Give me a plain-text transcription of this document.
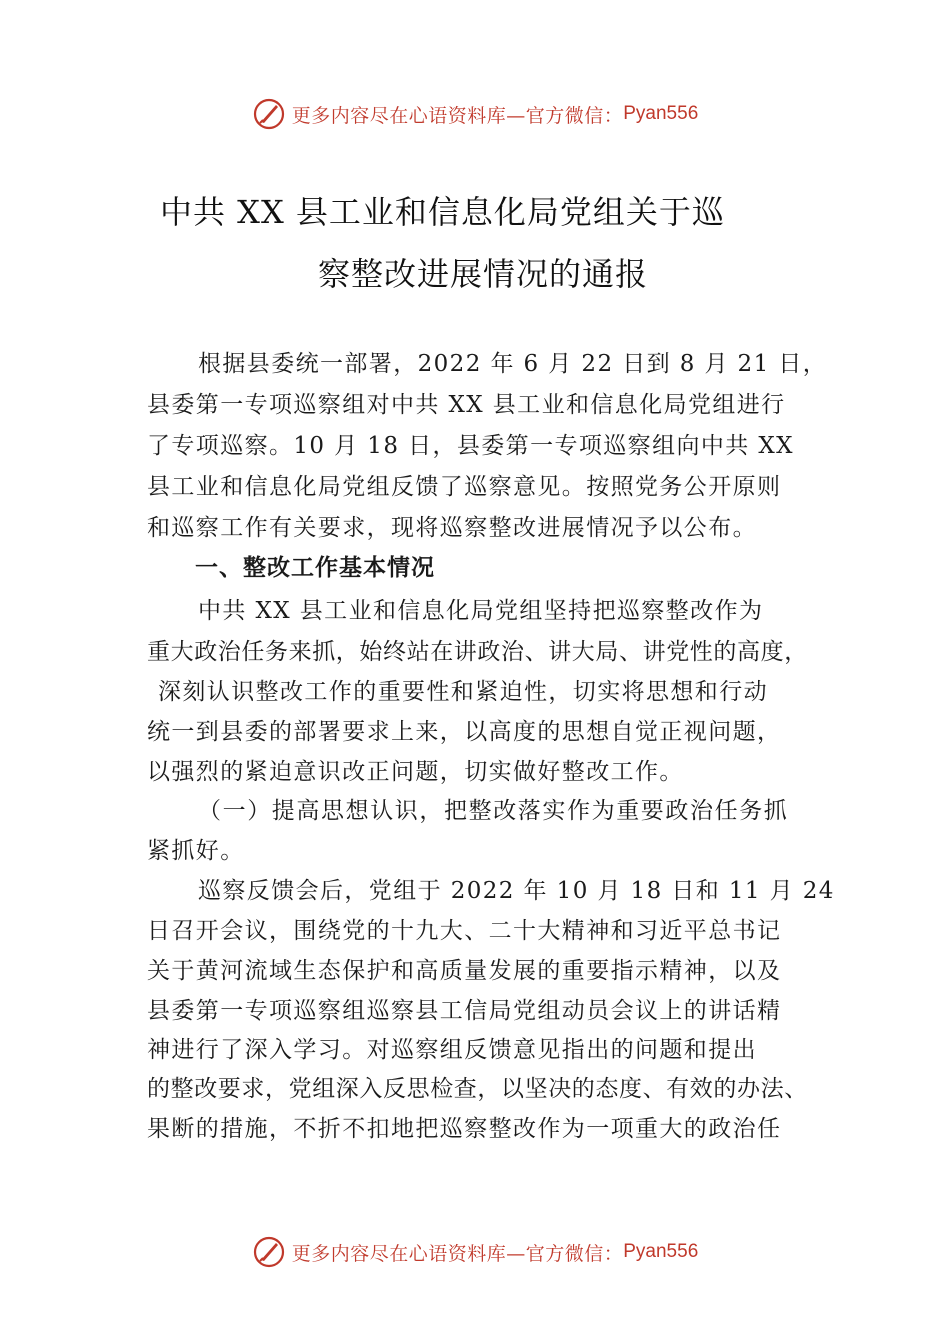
更多内容尽在心语资料库—官方微信： Pyan556
中共 XX 县工业和信息化局党组关于巡
察整改进展情况的通报
根据县委统一部署，2022 年 6 月 22 日到 8 月 21 日，
县委第一专项巡察组对中共 XX 县工业和信息化局党组进行
了专项巡察。10 月 18 日，县委第一专项巡察组向中共 XX
县工业和信息化局党组反馈了巡察意见。按照党务公开原则
和巡察工作有关要求，现将巡察整改进展情况予以公布。
一、整改工作基本情况
中共 XX 县工业和信息化局党组坚持把巡察整改作为
重大政治任务来抓，始终站在讲政治、讲大局、讲党性的高度，
深刻认识整改工作的重要性和紧迫性，切实将思想和行动
统一到县委的部署要求上来，以高度的思想自觉正视问题，
以强烈的紧迫意识改正问题，切实做好整改工作。
（一）提高思想认识，把整改落实作为重要政治任务抓
紧抓好。
巡察反馈会后，党组于 2022 年 10 月 18 日和 11 月 24
日召开会议，围绕党的十九大、二十大精神和习近平总书记
关于黄河流域生态保护和高质量发展的重要指示精神，以及
县委第一专项巡察组巡察县工信局党组动员会议上的讲话精
神进行了深入学习。对巡察组反馈意见指出的问题和提出
的整改要求，党组深入反思检查，以坚决的态度、有效的办法、
果断的措施，不折不扣地把巡察整改作为一项重大的政治任
更多内容尽在心语资料库—官方微信： Pyan556
